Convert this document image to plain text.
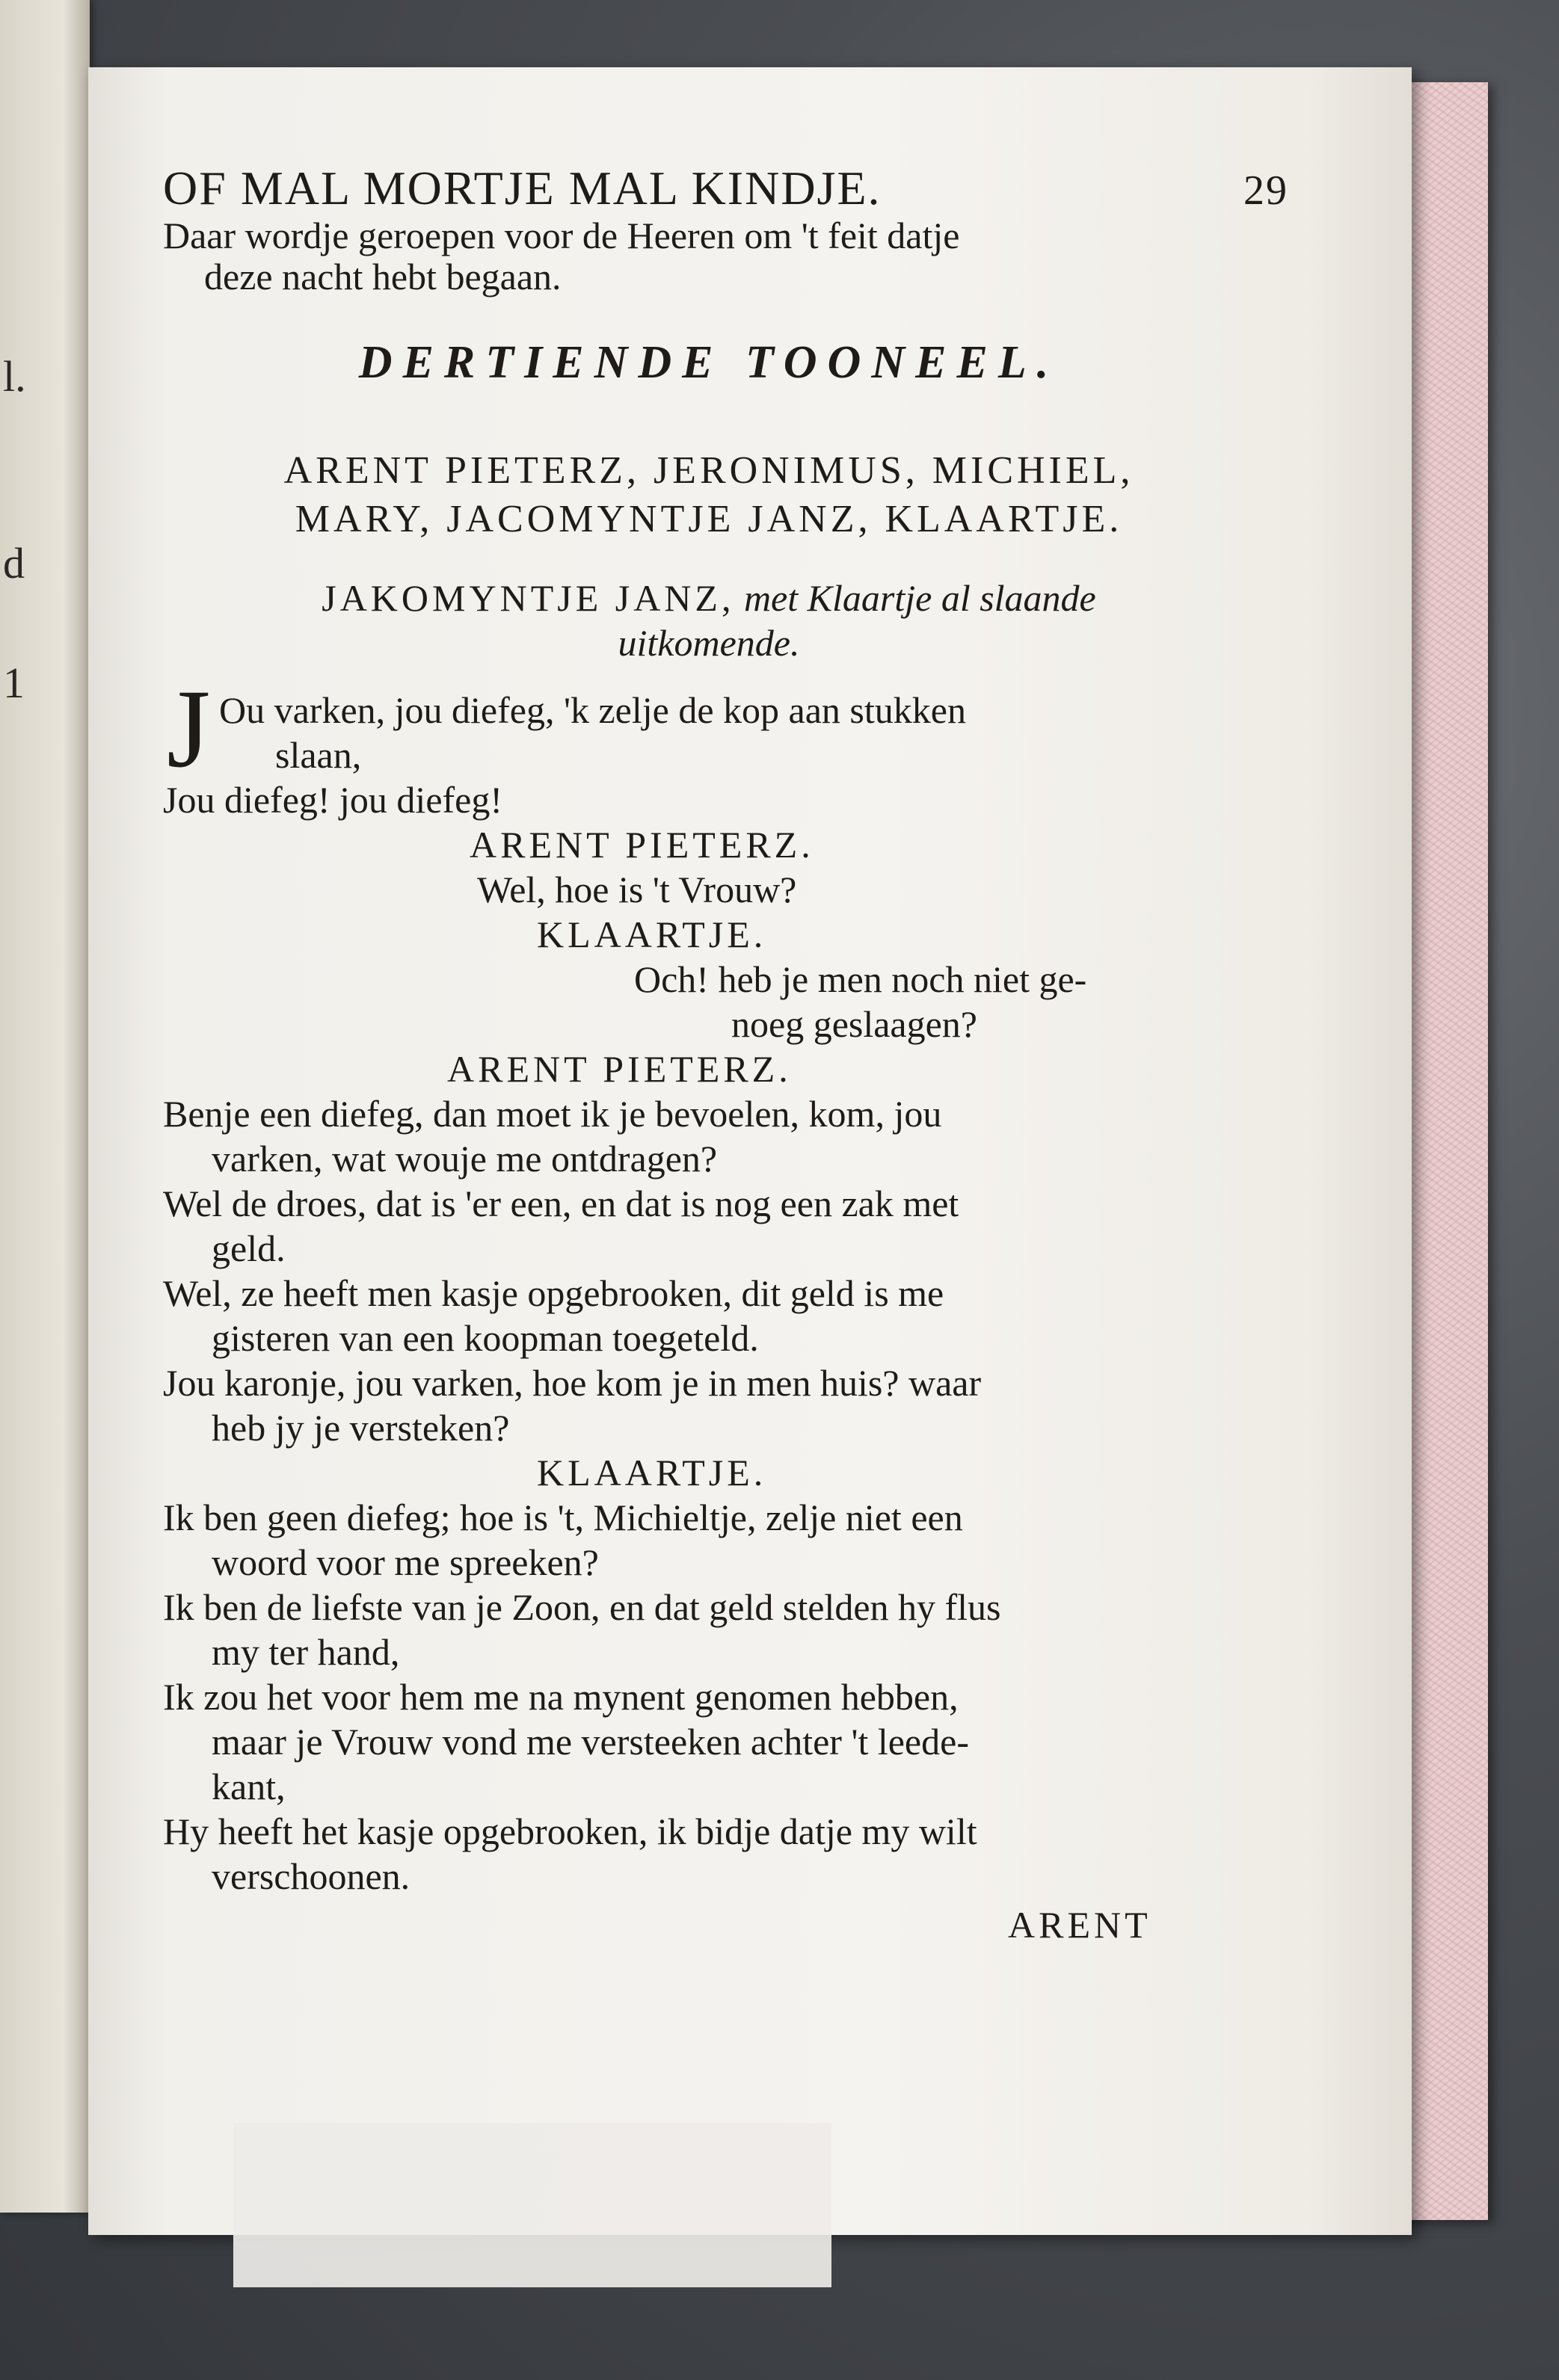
l.
d
1
OF MAL MORTJE MAL KINDJE.	29
Daar wordje geroepen voor de Heeren om 't feit datje
deze nacht hebt begaan.
DERTIENDE TOONEEL.
ARENT PIETERZ, JERONIMUS, MICHIEL,
MARY, JACOMYNTJE JANZ, KLAARTJE.
JAKOMYNTJE JANZ, met Klaartje al slaande
uitkomende.
J Ou varken, jou diefeg, 'k zelje de kop aan stukken
slaan,
Jou diefeg! jou diefeg!
ARENT PIETERZ.
Wel, hoe is 't Vrouw?
KLAARTJE.
Och! heb je men noch niet ge-
noeg geslaagen?
ARENT PIETERZ.
Benje een diefeg, dan moet ik je bevoelen, kom, jou
varken, wat wouje me ontdragen?
Wel de droes, dat is 'er een, en dat is nog een zak met
geld.
Wel, ze heeft men kasje opgebrooken, dit geld is me
gisteren van een koopman toegeteld.
Jou karonje, jou varken, hoe kom je in men huis? waar
heb jy je versteken?
KLAARTJE.
Ik ben geen diefeg; hoe is 't, Michieltje, zelje niet een
woord voor me spreeken?
Ik ben de liefste van je Zoon, en dat geld stelden hy flus
my ter hand,
Ik zou het voor hem me na mynent genomen hebben,
maar je Vrouw vond me versteeken achter 't leede-
kant,
Hy heeft het kasje opgebrooken, ik bidje datje my wilt
verschoonen.
ARENT
